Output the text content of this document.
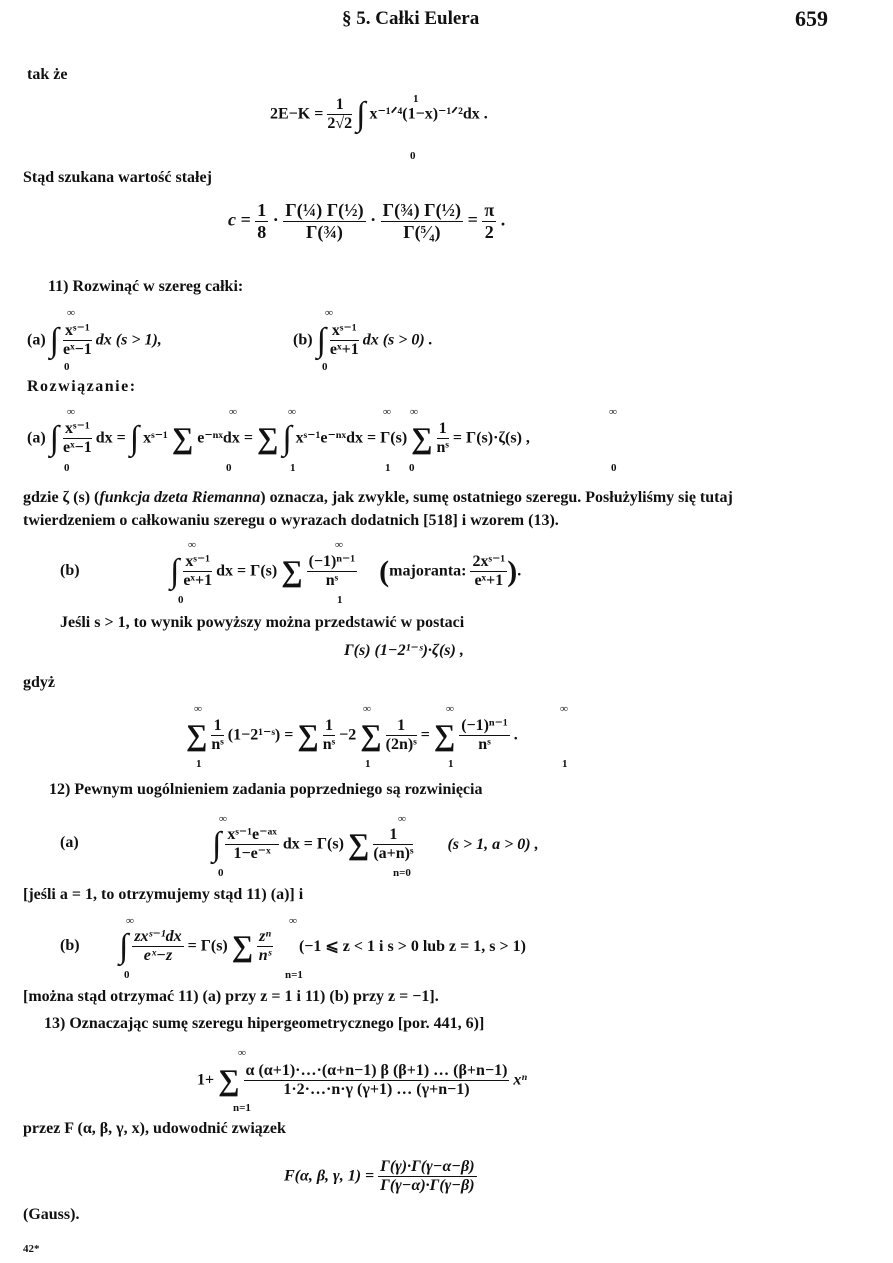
§ 5. Całki Eulera	659
tak że
$2E-K = \frac{1}{2√2}$ ∫ x⁻¹ᐟ⁴(1−x)⁻¹ᐟ²dx .
1
0
Stąd szukana wartość stałej
$c = \frac{1}{8} \cdot \frac{\text{Γ(¼) Γ(½)}}{\text{Γ(¾)}} \cdot \frac{\text{Γ(¾) Γ(½)}}{\text{Γ(⁵⁄₄)}} = \frac{\pi}{2}$ .
11) Rozwinąć w szereg całki:
(a) ∫ $\frac{\text{xˢ⁻¹}}{\text{eˣ−1}}$ dx (s > 1),
∞
0
(b) ∫ $\frac{\text{xˢ⁻¹}}{\text{eˣ+1}}$ dx (s > 0) .
∞
0
Rozwiązanie:
(a) ∫ $\frac{\text{xˢ⁻¹}}{\text{eˣ−1}}$ dx = ∫ xˢ⁻¹ ∑ e⁻ⁿˣdx = ∑ ∫ xˢ⁻¹e⁻ⁿˣdx = Γ(s) ∑ $\frac{1}{\text{nˢ}} = \Gamma(s)\cdot\zeta(s)$ ,
∞
0
∞
0
∞
1
∞
1
∞
0
∞
0
gdzie ζ (s) (funkcja dzeta Riemanna) oznacza, jak zwykle, sumę ostatniego szeregu. Posłużyliśmy się tutaj
twierdzeniem o całkowaniu szeregu o wyrazach dodatnich [518] i wzorem (13).
(b)	∫ $\frac{\text{xˢ⁻¹}}{\text{eˣ+1}}$ dx = Γ(s) ∑ $\frac{\text{(−1)ⁿ⁻¹}}{\text{nˢ}}$ (majoranta: $\frac{\text{2xˢ⁻¹}}{\text{eˣ+1}}$ ).
∞
0
∞
1
Jeśli s > 1, to wynik powyższy można przedstawić w postaci
Γ(s) (1−2¹⁻ˢ)·ζ(s) ,
gdyż
∑ $\frac{1}{\text{nˢ}}$ (1−2¹⁻ˢ) = ∑ $\frac{1}{\text{nˢ}} -2$ ∑ $\frac{1}{\text{(2n)ˢ}}$ = ∑ $\frac{\text{(−1)ⁿ⁻¹}}{\text{nˢ}}$ .
∞
1
∞
1
∞
1
∞
1
12) Pewnym uogólnieniem zadania poprzedniego są rozwinięcia
(a)	∫ $\frac{\text{xˢ⁻¹e⁻ᵃˣ}}{\text{1−e⁻ˣ}}$ dx = Γ(s) ∑ $\frac{1}{\text{(a+n)ˢ}} (s > 1$, a > 0) ,
∞
0
∞
n=0
[jeśli a = 1, to otrzymujemy stąd 11) (a)] i
(b) ∫ $\frac{\text{zxˢ⁻¹dx}}{\text{eˣ−z}} = \Gamma(s)$ ∑ $\frac{\text{zⁿ}}{\text{nˢ}} (-1$ ⩽ z < 1 i s > 0 lub z = 1, s > 1)
∞
0
∞
n=1
[można stąd otrzymać 11) (a) przy z = 1 i 11) (b) przy z = −1].
13) Oznaczając sumę szeregu hipergeometrycznego [por. 441, 6)]
1+ ∑ $\frac{\alpha (\alpha+1)\cdot\dots\cdot(\alpha+n-1) \beta (\beta+1) \dots (\beta+n-1)}{1\cdot 2\cdot\dots\cdot n\cdot\gamma (\gamma+1) \dots (\gamma+n-1)}$ xⁿ
∞
n=1
przez F (α, β, γ, x), udowodnić związek
F(α, β, γ, $1) = \frac{\Gamma(\gamma)\cdot\Gamma(\gamma-\alpha-\beta)}{\Gamma(\gamma-\alpha)\cdot\Gamma(\gamma-\beta)}$
(Gauss).
42*
